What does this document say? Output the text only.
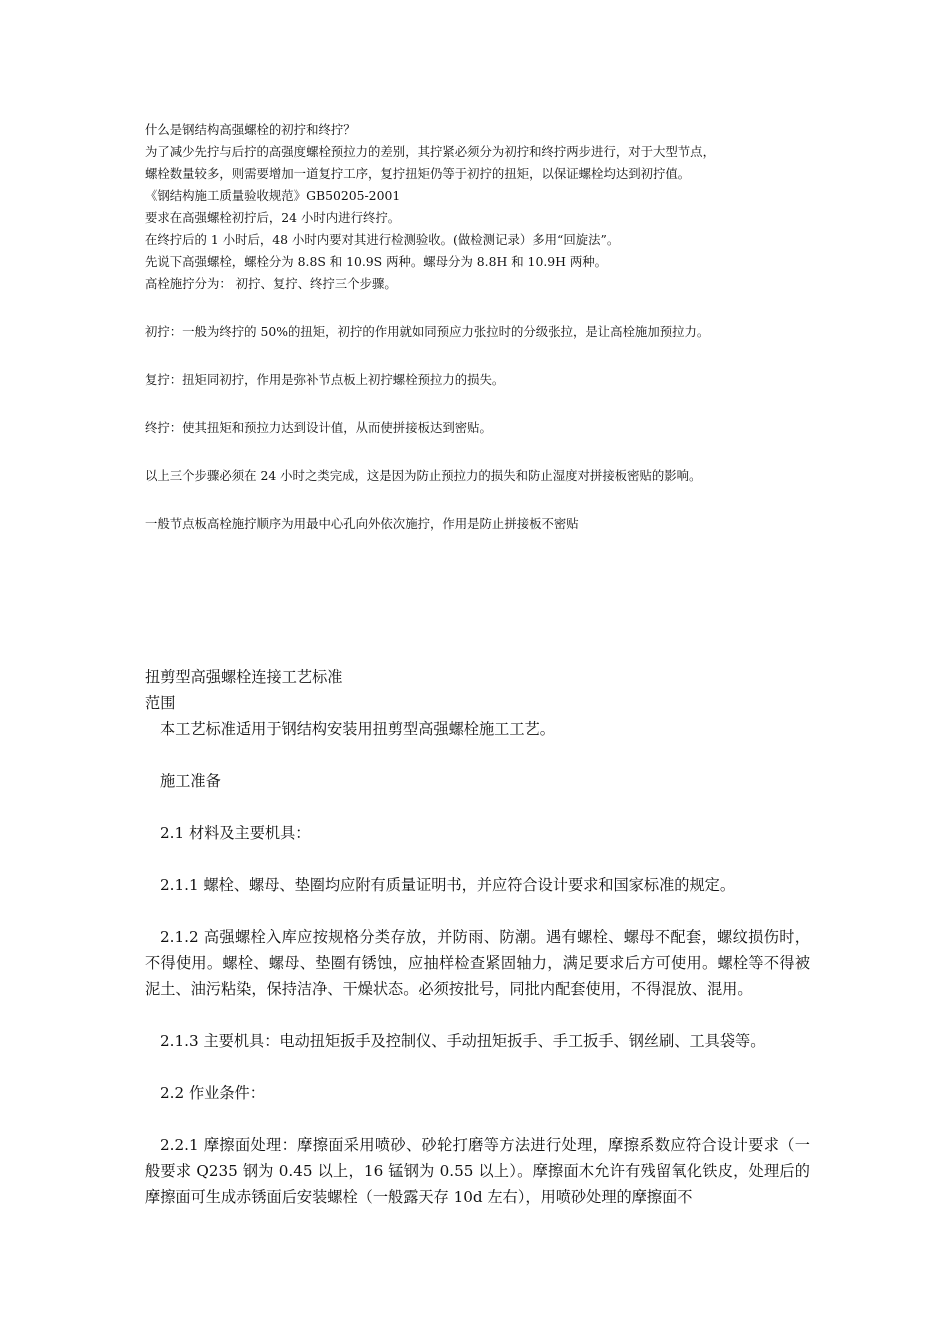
什么是钢结构高强螺栓的初拧和终拧？
为了减少先拧与后拧的高强度螺栓预拉力的差别，其拧紧必须分为初拧和终拧两步进行，对于大型节点，
螺栓数量较多，则需要增加一道复拧工序，复拧扭矩仍等于初拧的扭矩，以保证螺栓均达到初拧值。
《钢结构施工质量验收规范》GB50205-2001
要求在高强螺栓初拧后，24 小时内进行终拧。
在终拧后的 1 小时后，48 小时内要对其进行检测验收。(做检测记录）多用“回旋法”。
先说下高强螺栓，螺栓分为 8.8S 和 10.9S 两种。螺母分为 8.8H 和 10.9H 两种。
高栓施拧分为： 初拧、复拧、终拧三个步骤。
初拧：一般为终拧的 50%的扭矩，初拧的作用就如同预应力张拉时的分级张拉，是让高栓施加预拉力。
复拧：扭矩同初拧，作用是弥补节点板上初拧螺栓预拉力的损失。
终拧：使其扭矩和预拉力达到设计值，从而使拼接板达到密贴。
以上三个步骤必须在 24 小时之类完成，这是因为防止预拉力的损失和防止湿度对拼接板密贴的影响。
一般节点板高栓施拧顺序为用最中心孔向外依次施拧，作用是防止拼接板不密贴
扭剪型高强螺栓连接工艺标准
范围
本工艺标准适用于钢结构安装用扭剪型高强螺栓施工工艺。
施工准备
2.1 材料及主要机具：
2.1.1 螺栓、螺母、垫圈均应附有质量证明书，并应符合设计要求和国家标准的规定。
2.1.2 高强螺栓入库应按规格分类存放，并防雨、防潮。遇有螺栓、螺母不配套，螺纹损伤时，不得使用。螺栓、螺母、垫圈有锈蚀，应抽样检查紧固轴力，满足要求后方可使用。螺栓等不得被泥土、油污粘染，保持洁净、干燥状态。必须按批号，同批内配套使用，不得混放、混用。
2.1.3 主要机具：电动扭矩扳手及控制仪、手动扭矩扳手、手工扳手、钢丝刷、工具袋等。
2.2 作业条件：
2.2.1 摩擦面处理：摩擦面采用喷砂、砂轮打磨等方法进行处理，摩擦系数应符合设计要求（一般要求 Q235 钢为 0.45 以上，16 锰钢为 0.55 以上）。摩擦面木允许有残留氧化铁皮，处理后的摩擦面可生成赤锈面后安装螺栓（一般露天存 10d 左右），用喷砂处理的摩擦面不
